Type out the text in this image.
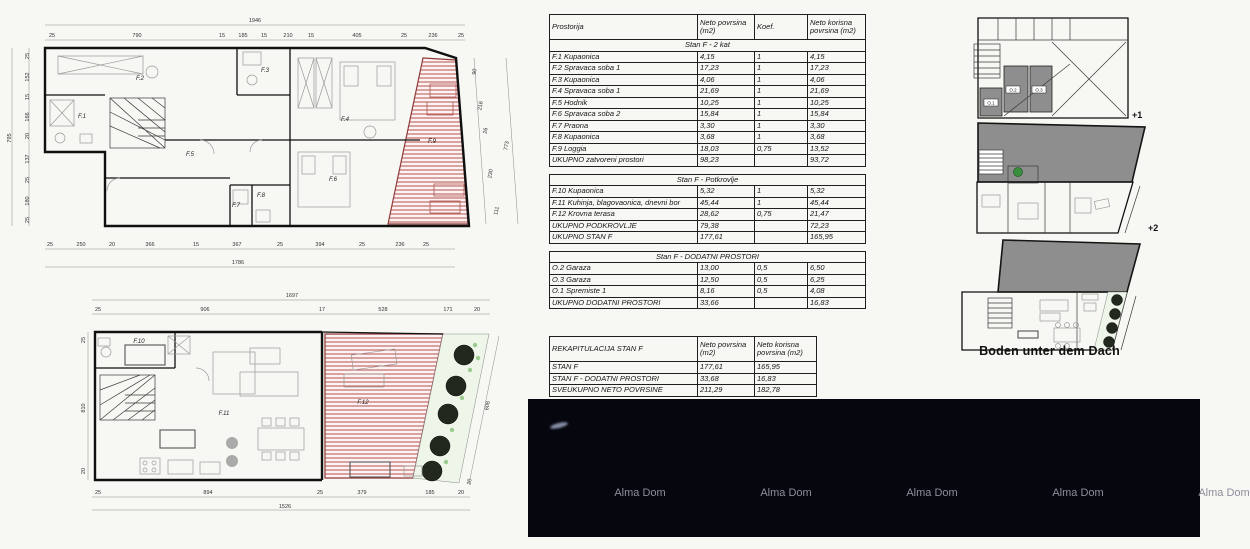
1946
25	790	15 185 15	210	15	405	25	236	25
25	250	20	366	15	367	25	394	25	236	25
1786
25
152
15
166
20
137
25
180
25
795
90
216
26
230
111
773
F.1
F.2
F.3
F.4
F.5
F.6
F.7
F.8
F.9
1697
25	906	17	528	171	20
25	894	25	379	185	20
1526
25
810
20
608
20
F.10
F.11
F.12
Prostorija	Neto povrsina (m2)	Koef.	Neto korisna povrsina (m2)
Stan F - 2 kat			
F.1 Kupaonica	4,15	1	4,15
F.2 Spravaca soba 1	17,23	1	17,23
F.3 Kupaonica	4,06	1	4,06
F.4 Spravaca soba 1	21,69	1	21,69
F.5 Hodnik	10,25	1	10,25
F.6 Spravaca soba 2	15,84	1	15,84
F.7 Praona	3,30	1	3,30
F.8 Kupaonica	3,68	1	3,68
F.9 Loggia	18,03	0,75	13,52
UKUPNO zatvoreni prostori	98,23		93,72
Stan F - Potkrovlje			
F.10 Kupaonica	5,32	1	5,32
F.11 Kuhinja, blagovaonica, dnevni bor	45,44	1	45,44
F.12 Krovna terasa	28,62	0,75	21,47
UKUPNO PODKROVLJE	79,38		72,23
UKUPNO STAN F	177,61		165,95
Stan F - DODATNI PROSTORI			
O.2 Garaza	13,00	0,5	6,50
O.3 Garaza	12,50	0,5	6,25
O.1 Spremiste 1	8,16	0,5	4,08
UKUPNO DODATNI PROSTORI	33,66		16,83
REKAPITULACIJA STAN F	Neto povrsina (m2)	Neto korisna povrsina (m2)
STAN F	177,61	165,95
STAN F - DODATNI PROSTORI	33,68	16,83
SVEUKUPNO NETO POVRSINE	211,29	182,78
O.1
O.2	O.3
+1
+2
Boden unter dem Dach
Alma Dom	Alma Dom	Alma Dom	Alma Dom	Alma Dom
